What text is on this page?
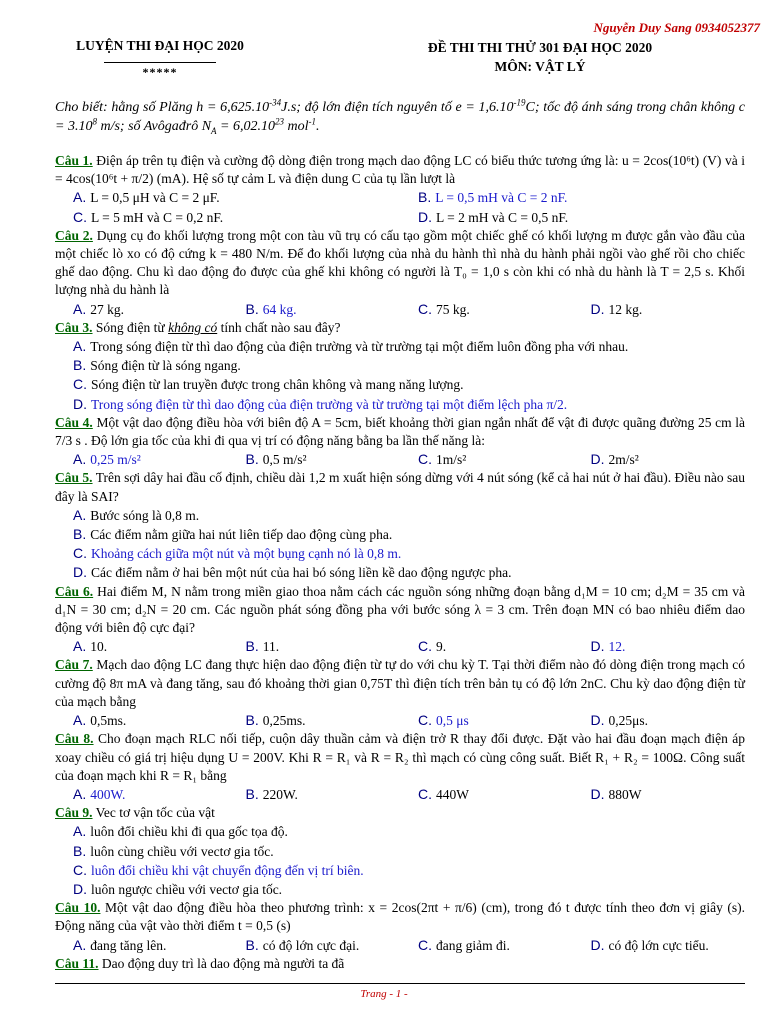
Nguyễn Duy Sang 0934052377
LUYỆN THI ĐẠI HỌC 2020
*****
ĐỀ THI THI THỬ 301 ĐẠI HỌC 2020
MÔN: VẬT LÝ
Cho biết: hằng số Plăng $h = 6,625.10^{-34}J.s$; độ lớn điện tích nguyên tố $e = 1,6.10^{-19}C$; tốc độ ánh sáng trong chân không $c = 3.10^8$ m/s; số Avôgađrô $N_A = 6,02.10^{23}$ mol$^{-1}$.
Câu 1. Điện áp trên tụ điện và cường độ dòng điện trong mạch dao động LC có biểu thức tương ứng là: u = 2cos(10⁶t) (V) và i = 4cos(10⁶t + π/2) (mA). Hệ số tự cảm L và điện dung C của tụ lần lượt là
A. L = 0,5 μH và C = 2 μF.	B. L = 0,5 mH và C = 2 nF.
C. L = 5 mH và C = 0,2 nF.	D. L = 2 mH và C = 0,5 nF.
Câu 2. Dụng cụ đo khối lượng trong một con tàu vũ trụ có cấu tạo gồm một chiếc ghế có khối lượng m được gắn vào đầu của một chiếc lò xo có độ cứng k = 480 N/m. Để đo khối lượng của nhà du hành thì nhà du hành phải ngồi vào ghế rồi cho chiếc ghế dao động. Chu kì dao động đo được của ghế khi không có người là T₀ = 1,0 s còn khi có nhà du hành là T = 2,5 s. Khối lượng nhà du hành là
A. 27 kg.	B. 64 kg.	C. 75 kg.	D. 12 kg.
Câu 3. Sóng điện từ không có tính chất nào sau đây?
A. Trong sóng điện từ thì dao động của điện trường và từ trường tại một điểm luôn đồng pha với nhau.
B. Sóng điện từ là sóng ngang.
C. Sóng điện từ lan truyền được trong chân không và mang năng lượng.
D. Trong sóng điện từ thì dao động của điện trường và từ trường tại một điểm lệch pha π/2.
Câu 4. Một vật dao động điều hòa với biên độ A = 5cm, biết khoảng thời gian ngắn nhất để vật đi được quãng đường 25 cm là 7/3 s . Độ lớn gia tốc của khi đi qua vị trí có động năng bằng ba lần thế năng là:
A. 0,25 m/s²	B. 0,5 m/s²	C. 1m/s²	D. 2m/s²
Câu 5. Trên sợi dây hai đầu cố định, chiều dài 1,2 m xuất hiện sóng dừng với 4 nút sóng (kể cả hai nút ở hai đầu). Điều nào sau đây là SAI?
A. Bước sóng là 0,8 m.
B. Các điểm nằm giữa hai nút liên tiếp dao động cùng pha.
C. Khoảng cách giữa một nút và một bụng cạnh nó là 0,8 m.
D. Các điểm nằm ở hai bên một nút của hai bó sóng liền kề dao động ngược pha.
Câu 6. Hai điểm M, N nằm trong miền giao thoa nằm cách các nguồn sóng những đoạn bằng d₁M = 10 cm; d₂M = 35 cm và d₁N = 30 cm; d₂N = 20 cm. Các nguồn phát sóng đồng pha với bước sóng λ = 3 cm. Trên đoạn MN có bao nhiêu điểm dao động với biên độ cực đại?
A. 10.	B. 11.	C. 9.	D. 12.
Câu 7. Mạch dao động LC đang thực hiện dao động điện từ tự do với chu kỳ T. Tại thời điểm nào đó dòng điện trong mạch có cường độ 8π mA và đang tăng, sau đó khoảng thời gian 0,75T thì điện tích trên bản tụ có độ lớn 2nC. Chu kỳ dao động điện từ của mạch bằng
A. 0,5ms.	B. 0,25ms.	C. 0,5 μs	D. 0,25μs.
Câu 8. Cho đoạn mạch RLC nối tiếp, cuộn dây thuần cảm và điện trở R thay đổi được. Đặt vào hai đầu đoạn mạch điện áp xoay chiều có giá trị hiệu dụng U = 200V. Khi R = R₁ và R = R₂ thì mạch có cùng công suất. Biết R₁ + R₂ = 100Ω. Công suất của đoạn mạch khi R = R₁ bằng
A. 400W.	B. 220W.	C. 440W	D. 880W
Câu 9. Vec tơ vận tốc của vật
A. luôn đổi chiều khi đi qua gốc tọa độ.
B. luôn cùng chiều với vectơ gia tốc.
C. luôn đổi chiều khi vật chuyển động đến vị trí biên.
D. luôn ngược chiều với vectơ gia tốc.
Câu 10. Một vật dao động điều hòa theo phương trình: x = 2cos(2πt + π/6) (cm), trong đó t được tính theo đơn vị giây (s). Động năng của vật vào thời điểm t = 0,5 (s)
A. đang tăng lên.	B. có độ lớn cực đại.	C. đang giảm đi.	D. có độ lớn cực tiểu.
Câu 11. Dao động duy trì là dao động mà người ta đã
Trang - 1 -
